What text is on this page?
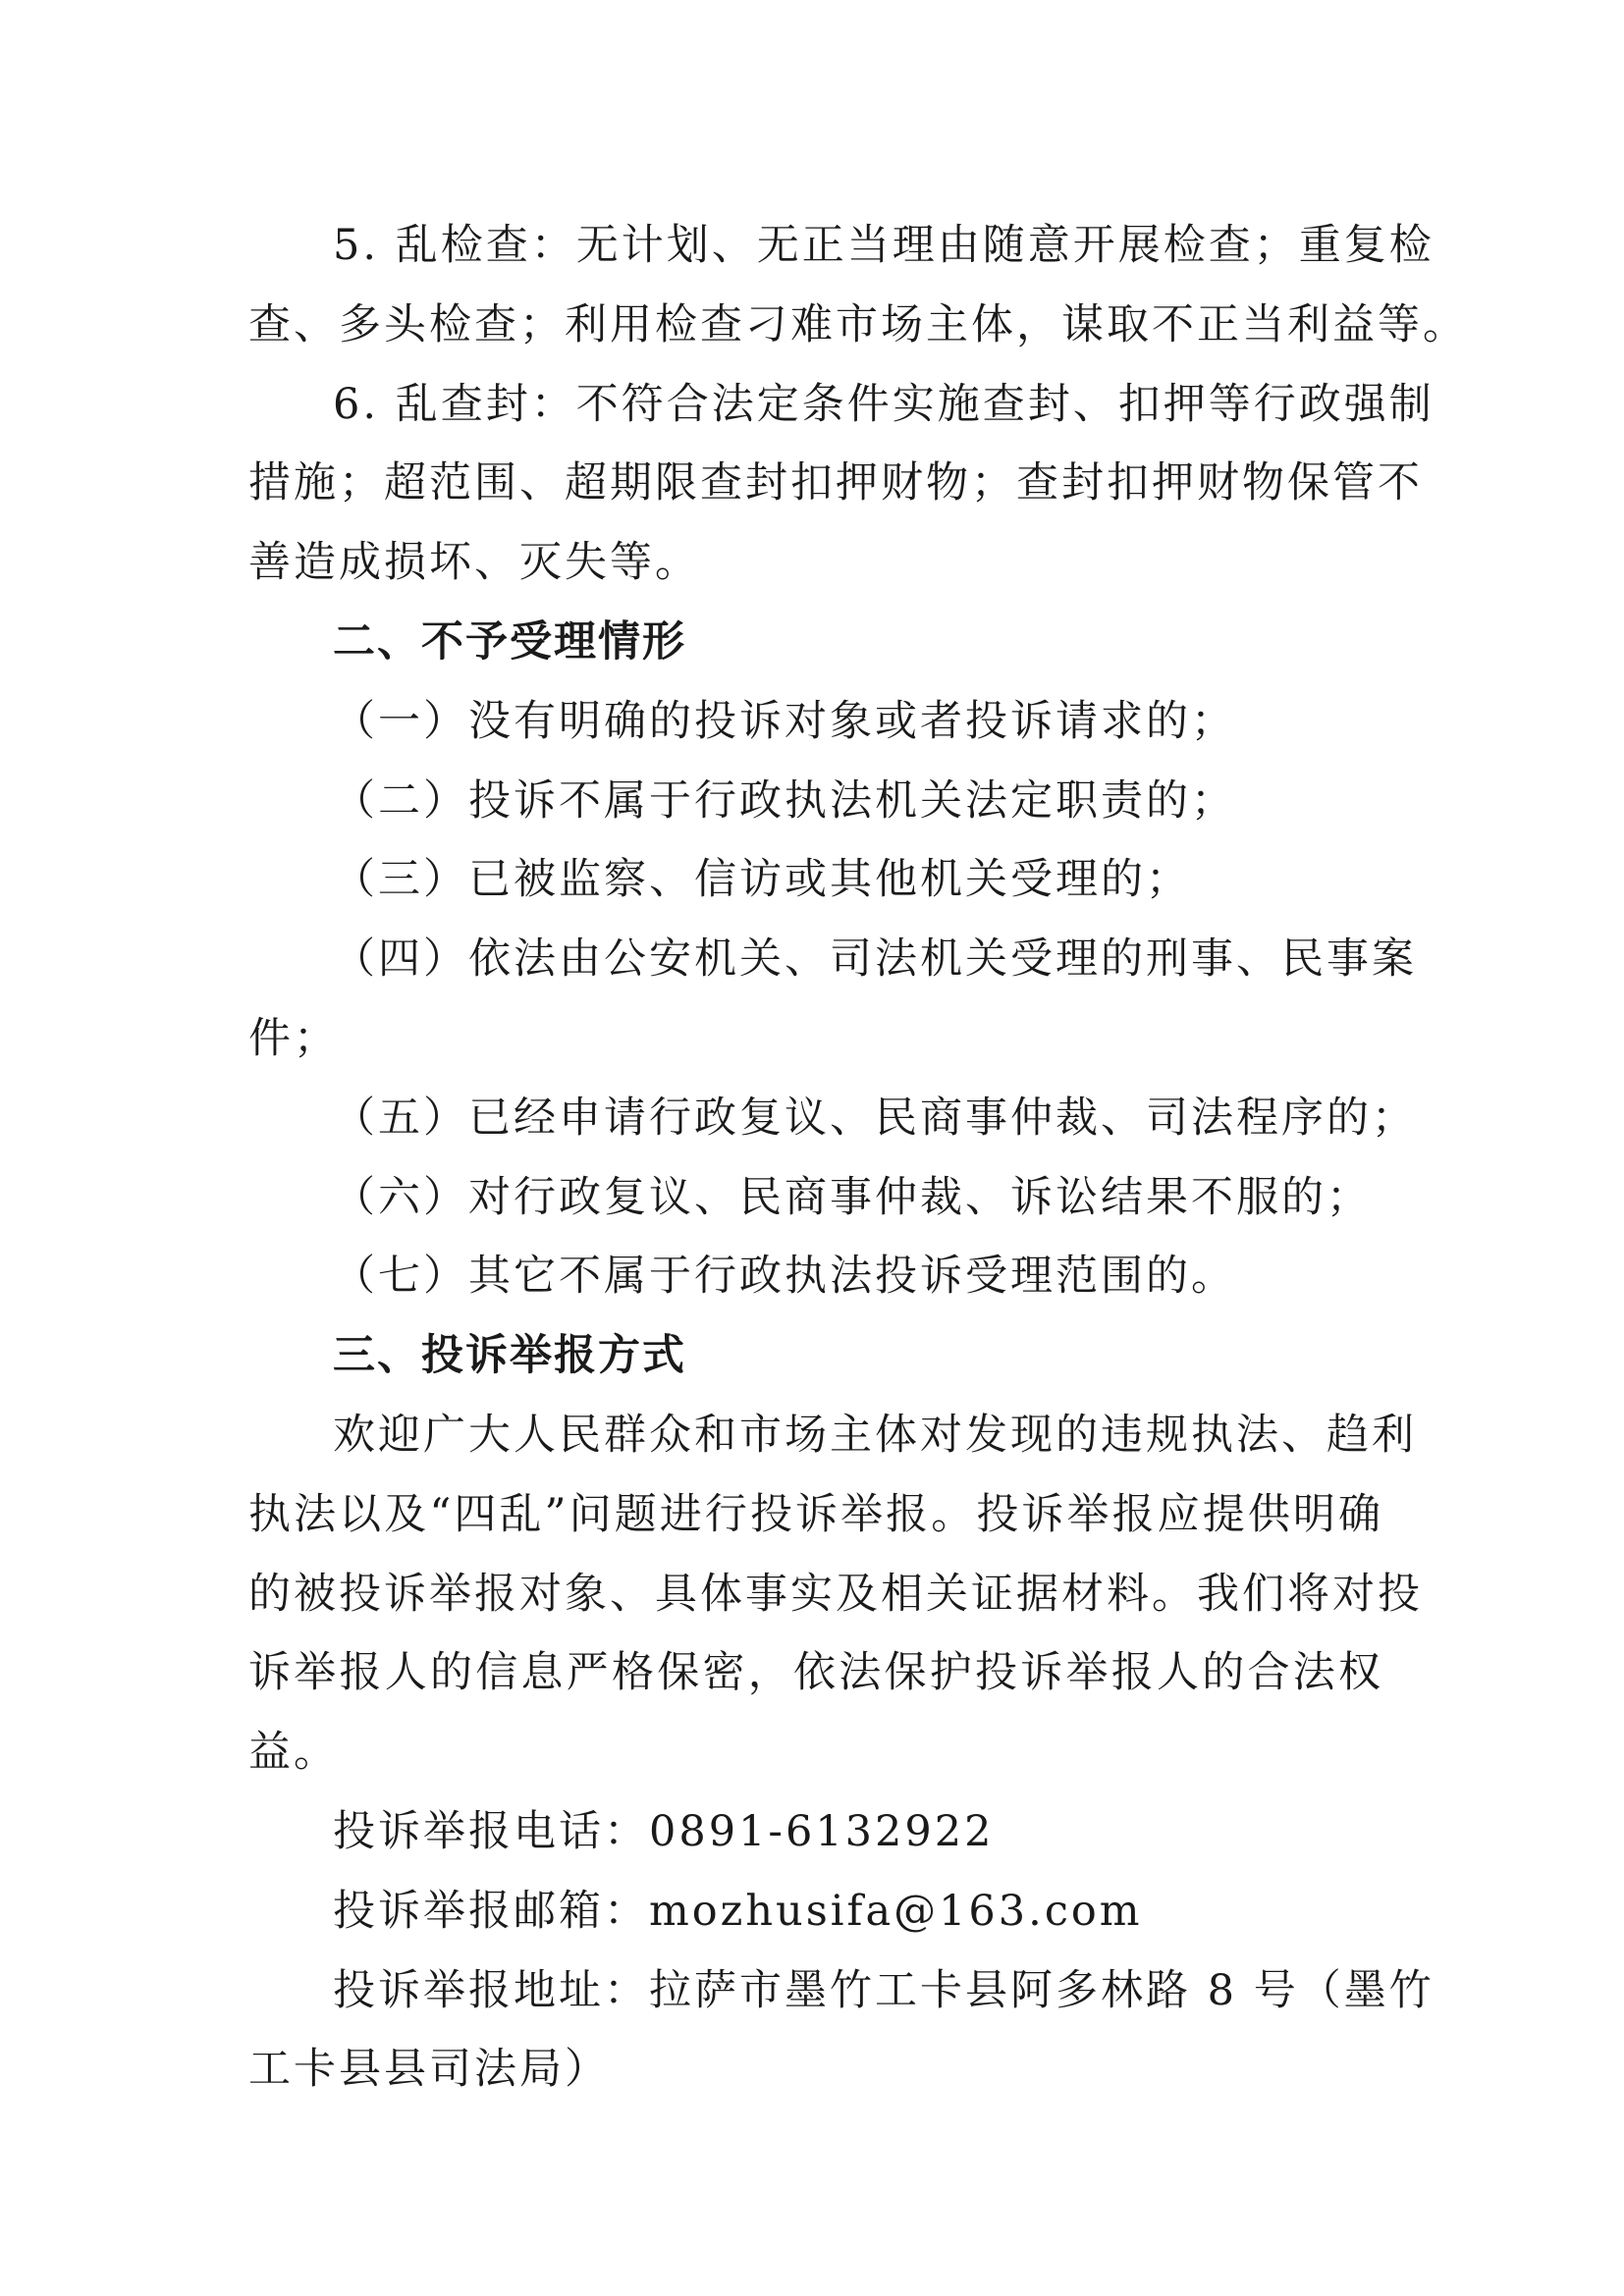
5. 乱检查：无计划、无正当理由随意开展检查；重复检
查、多头检查；利用检查刁难市场主体，谋取不正当利益等。
6. 乱查封：不符合法定条件实施查封、扣押等行政强制
措施；超范围、超期限查封扣押财物；查封扣押财物保管不
善造成损坏、灭失等。
二、不予受理情形
（一）没有明确的投诉对象或者投诉请求的；
（二）投诉不属于行政执法机关法定职责的；
（三）已被监察、信访或其他机关受理的；
（四）依法由公安机关、司法机关受理的刑事、民事案
件；
（五）已经申请行政复议、民商事仲裁、司法程序的；
（六）对行政复议、民商事仲裁、诉讼结果不服的；
（七）其它不属于行政执法投诉受理范围的。
三、投诉举报方式
欢迎广大人民群众和市场主体对发现的违规执法、趋利
执法以及“四乱”问题进行投诉举报。投诉举报应提供明确
的被投诉举报对象、具体事实及相关证据材料。我们将对投
诉举报人的信息严格保密，依法保护投诉举报人的合法权
益。
投诉举报电话：0891-6132922
投诉举报邮箱：mozhusifa@163.com
投诉举报地址：拉萨市墨竹工卡县阿多林路 8 号（墨竹
工卡县县司法局）
